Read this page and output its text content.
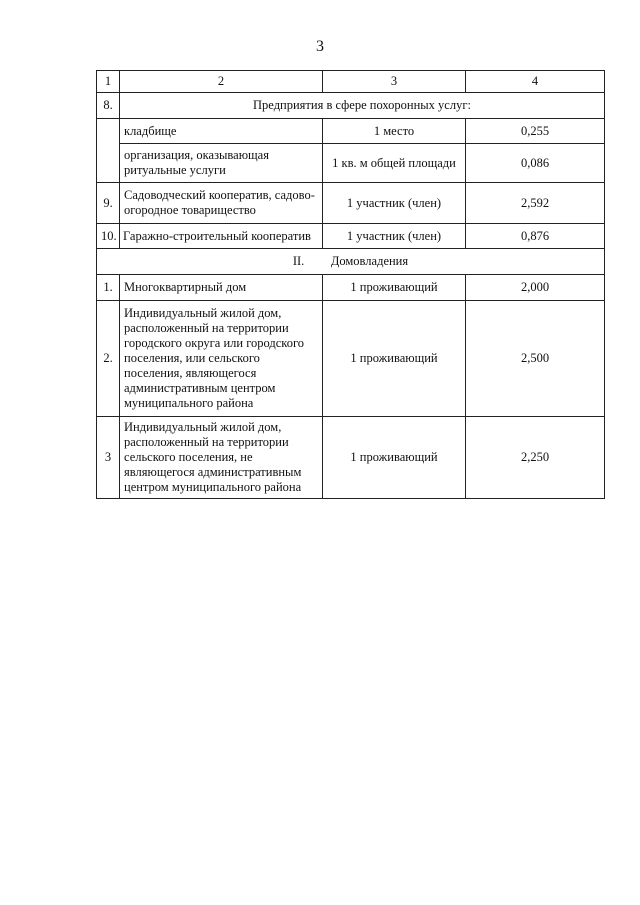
3
1	2	3	4
8.	Предприятия в сфере похоронных услуг:		
	кладбище	1 место	0,255
	организация, оказывающая ритуальные услуги	1 кв. м общей площади	0,086
9.	Садоводческий кооператив, садово-огородное товарищество	1 участник (член)	2,592
10.	Гаражно-строительный кооператив	1 участник (член)	0,876
II. Домовладения			
1.	Многоквартирный дом	1 проживающий	2,000
2.	Индивидуальный жилой дом, расположенный на территории городского округа или городского поселения, или сельского поселения, являющегося административным центром муниципального района	1 проживающий	2,500
3	Индивидуальный жилой дом, расположенный на территории сельского поселения, не являющегося административным центром муниципального района	1 проживающий	2,250
